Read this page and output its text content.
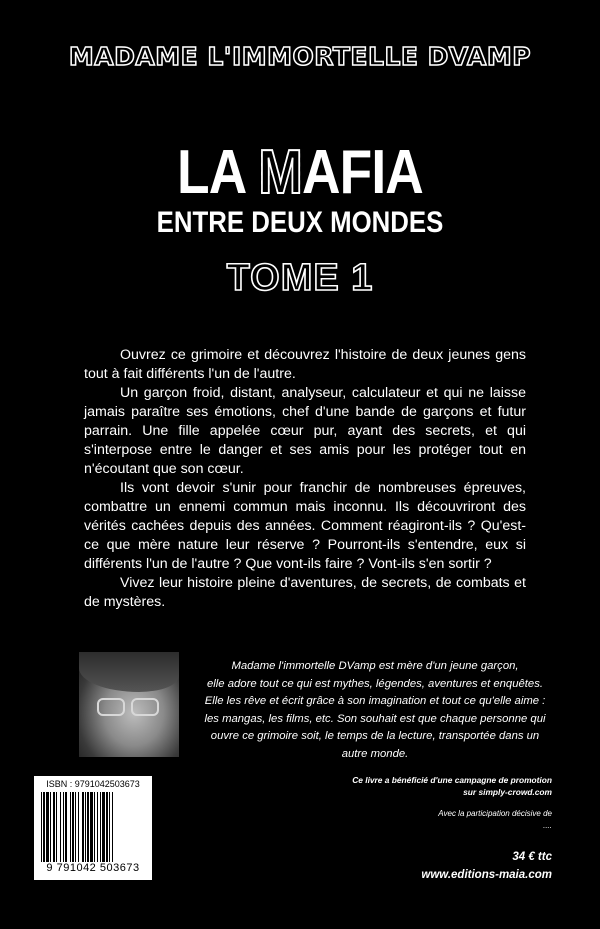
MADAME L'IMMORTELLE DVAMP
LA MAFIA
ENTRE DEUX MONDES
TOME 1

Ouvrez ce grimoire et découvrez l'histoire de deux jeunes gens tout à fait différents l'un de l'autre.

Un garçon froid, distant, analyseur, calculateur et qui ne laisse jamais paraître ses émotions, chef d'une bande de garçons et futur parrain. Une fille appelée cœur pur, ayant des secrets, et qui s'interpose entre le danger et ses amis pour les protéger tout en n'écoutant que son cœur.

Ils vont devoir s'unir pour franchir de nombreuses épreuves, combattre un ennemi commun mais inconnu. Ils découvriront des vérités cachées depuis des années. Comment réagiront-ils ? Qu'est-ce que mère nature leur réserve ? Pourront-ils s'entendre, eux si différents l'un de l'autre ? Que vont-ils faire ? Vont-ils s'en sortir ?

Vivez leur histoire pleine d'aventures, de secrets, de combats et de mystères.

Madame l'immortelle DVamp est mère d'un jeune garçon,
elle adore tout ce qui est mythes, légendes, aventures et enquêtes.
Elle les rêve et écrit grâce à son imagination et tout ce qu'elle aime :
les mangas, les films, etc. Son souhait est que chaque personne qui
ouvre ce grimoire soit, le temps de la lecture, transportée dans un
autre monde.
ISBN : 9791042503673
9 791042 503673
Ce livre a bénéficié d'une campagne de promotion
sur simply-crowd.com
Avec la participation décisive de
....
34 € ttc
www.editions-maia.com
